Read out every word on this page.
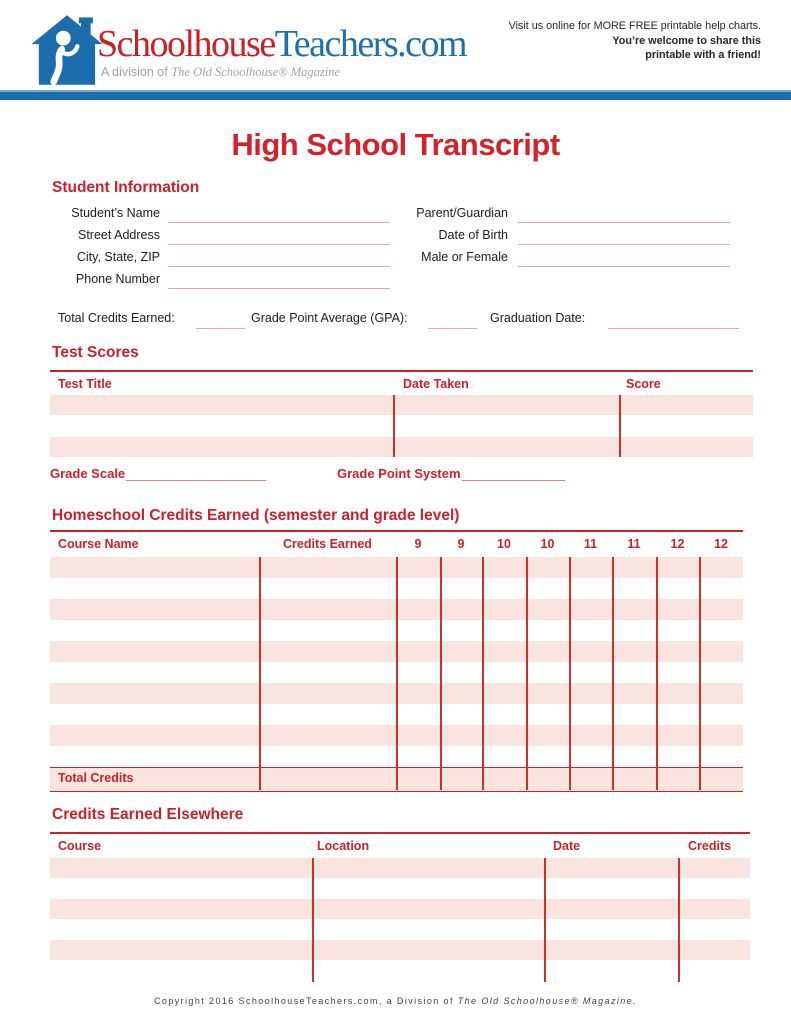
SchoolhouseTeachers.com
A division of The Old Schoolhouse® Magazine
Visit us online for MORE FREE printable help charts.
You’re welcome to share this
printable with a friend!
High School Transcript
Student Information
Student’s Name
Street Address
City, State, ZIP
Phone Number
Parent/Guardian
Date of Birth
Male or Female
Total Credits Earned:	Grade Point Average (GPA):	Graduation Date:
Test Scores
Test Title	Date Taken	Score
Grade Scale	Grade Point System
Homeschool Credits Earned (semester and grade level)
Course Name	Credits Earned	9	9	10	10	11	11	12	12
Total Credits
Credits Earned Elsewhere
Course	Location	Date	Credits
Copyright 2016 SchoolhouseTeachers.com, a Division of The Old Schoolhouse® Magazine.
